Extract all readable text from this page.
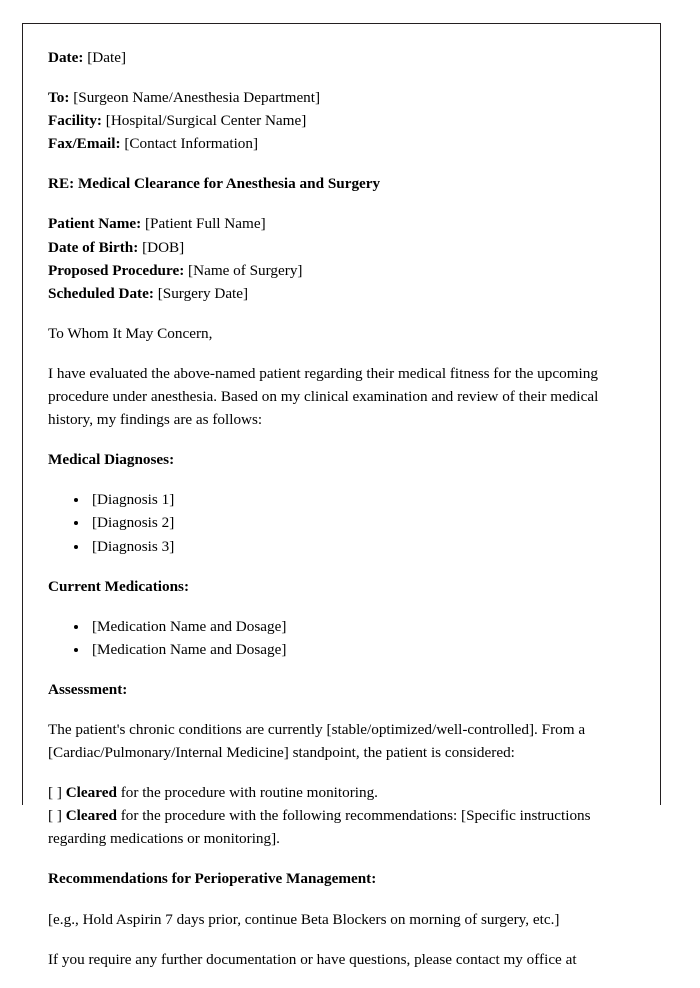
Date: [Date]
To: [Surgeon Name/Anesthesia Department]
Facility: [Hospital/Surgical Center Name]
Fax/Email: [Contact Information]
RE: Medical Clearance for Anesthesia and Surgery
Patient Name: [Patient Full Name]
Date of Birth: [DOB]
Proposed Procedure: [Name of Surgery]
Scheduled Date: [Surgery Date]
To Whom It May Concern,
I have evaluated the above-named patient regarding their medical fitness for the upcoming procedure under anesthesia. Based on my clinical examination and review of their medical history, my findings are as follows:
Medical Diagnoses:
• [Diagnosis 1]
• [Diagnosis 2]
• [Diagnosis 3]
Current Medications:
• [Medication Name and Dosage]
• [Medication Name and Dosage]
Assessment:
The patient's chronic conditions are currently [stable/optimized/well-controlled]. From a [Cardiac/Pulmonary/Internal Medicine] standpoint, the patient is considered:
[ ] Cleared for the procedure with routine monitoring.
[ ] Cleared for the procedure with the following recommendations: [Specific instructions regarding medications or monitoring].
Recommendations for Perioperative Management:
[e.g., Hold Aspirin 7 days prior, continue Beta Blockers on morning of surgery, etc.]
If you require any further documentation or have questions, please contact my office at
